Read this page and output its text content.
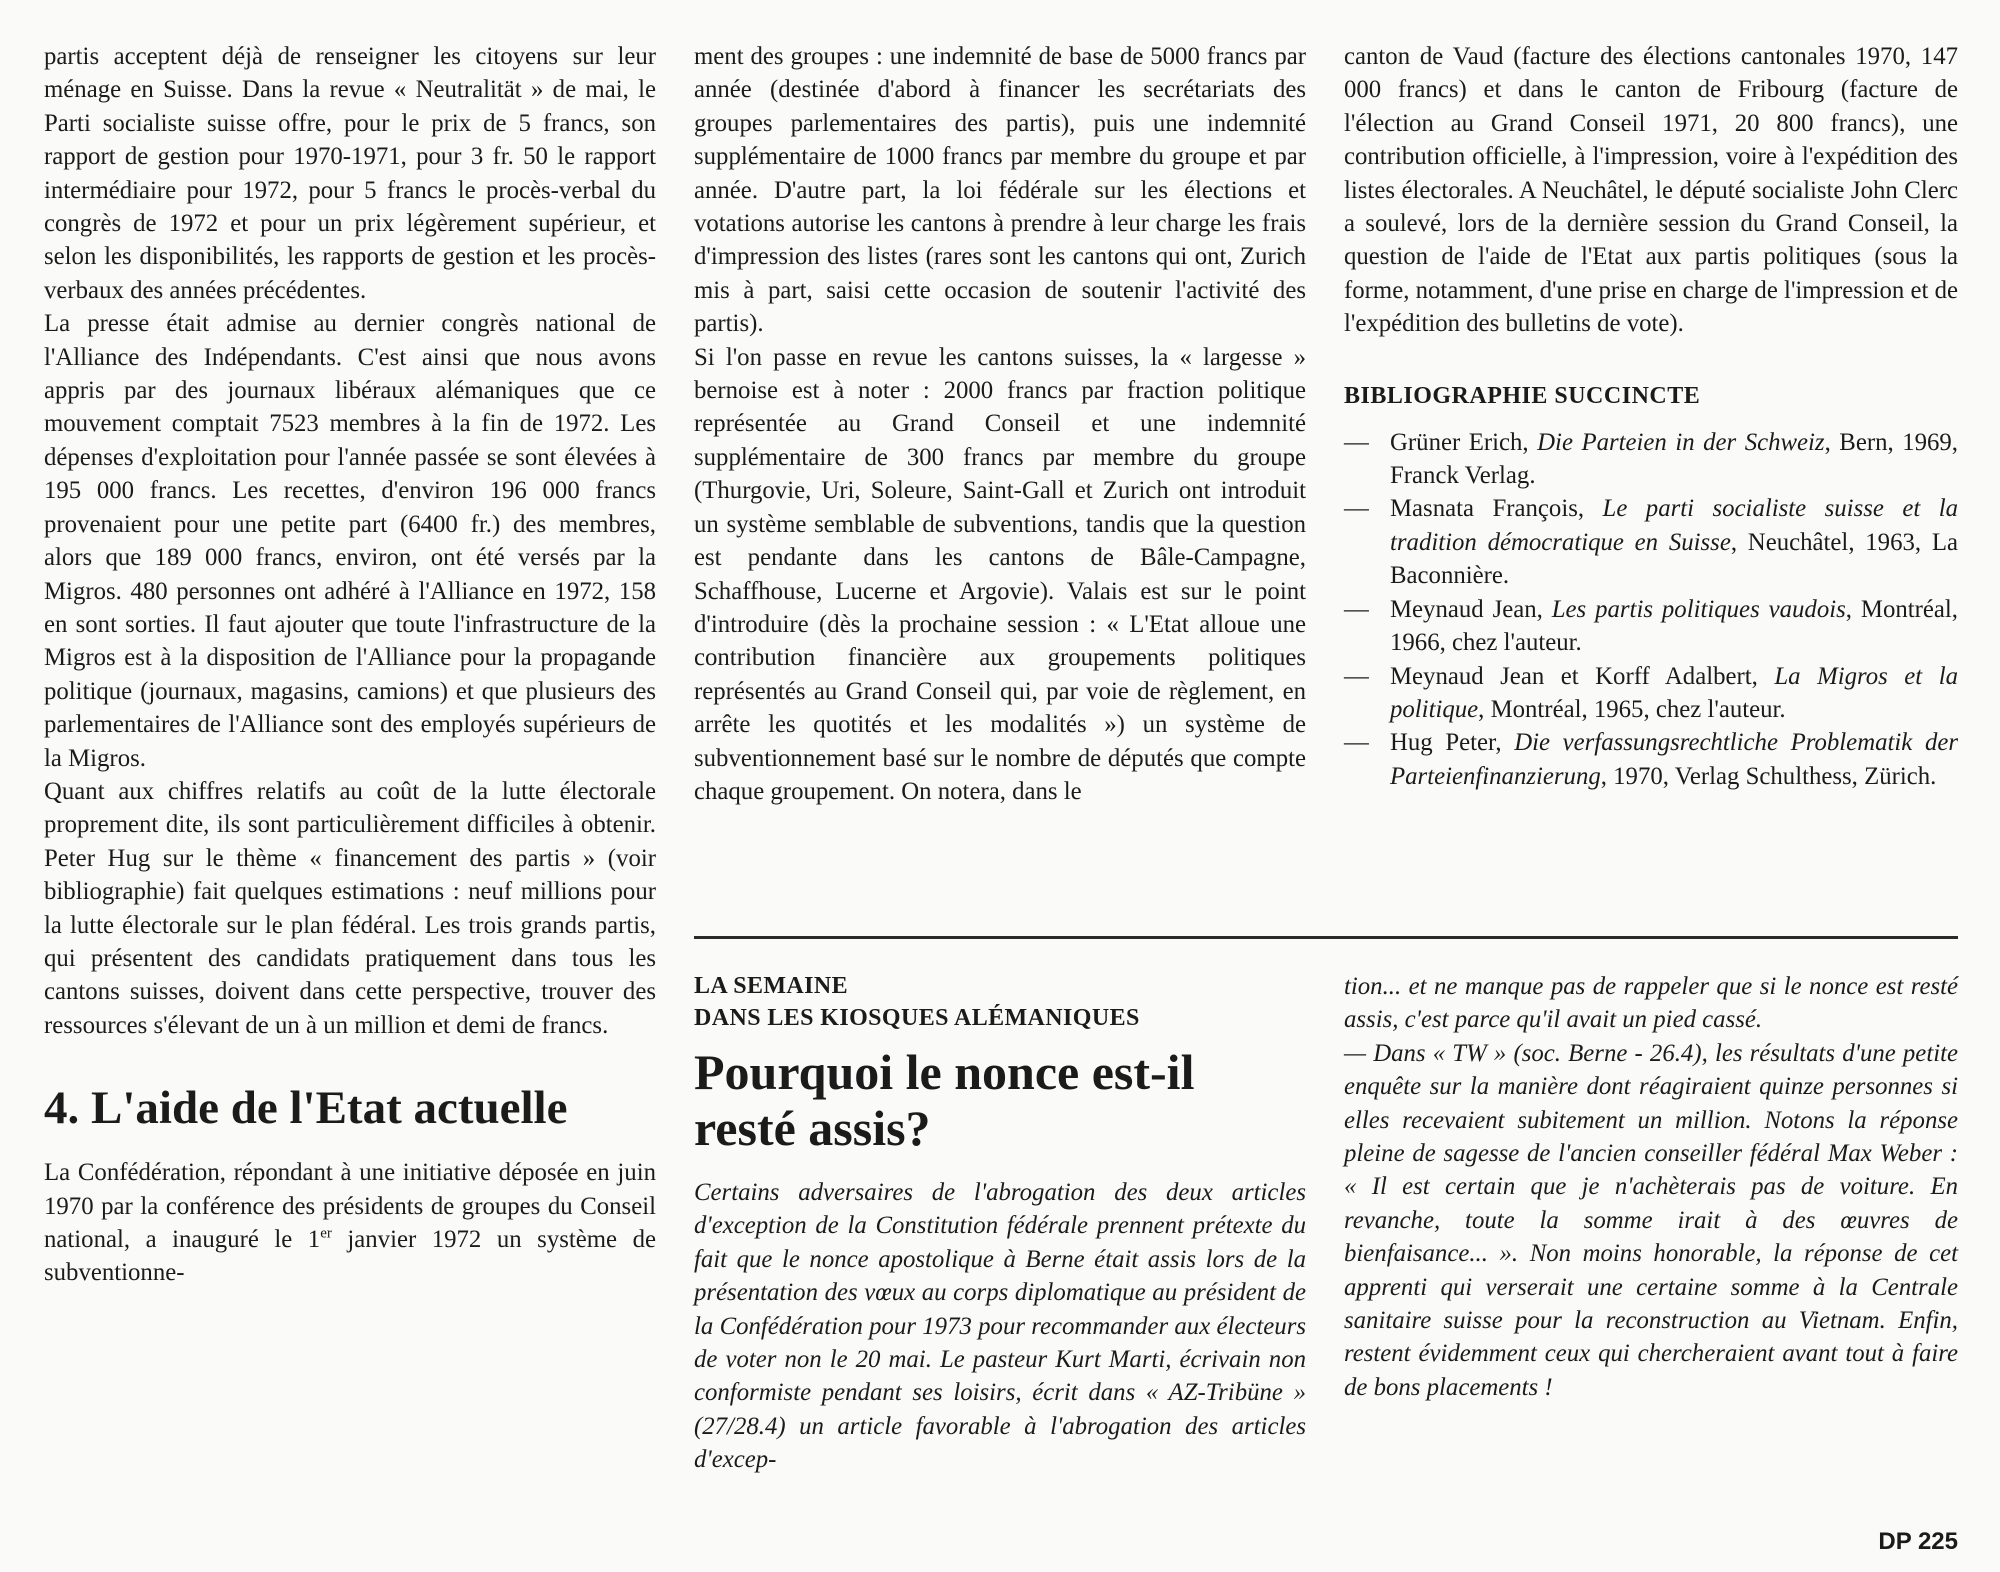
partis acceptent déjà de renseigner les citoyens sur leur ménage en Suisse. Dans la revue « Neutralität » de mai, le Parti socialiste suisse offre, pour le prix de 5 francs, son rapport de gestion pour 1970-1971, pour 3 fr. 50 le rapport intermédiaire pour 1972, pour 5 francs le procès-verbal du congrès de 1972 et pour un prix légèrement supérieur, et selon les disponibilités, les rapports de gestion et les procès-verbaux des années précédentes.

La presse était admise au dernier congrès national de l'Alliance des Indépendants. C'est ainsi que nous avons appris par des journaux libéraux alémaniques que ce mouvement comptait 7523 membres à la fin de 1972. Les dépenses d'exploitation pour l'année passée se sont élevées à 195 000 francs. Les recettes, d'environ 196 000 francs provenaient pour une petite part (6400 fr.) des membres, alors que 189 000 francs, environ, ont été versés par la Migros. 480 personnes ont adhéré à l'Alliance en 1972, 158 en sont sorties. Il faut ajouter que toute l'infrastructure de la Migros est à la disposition de l'Alliance pour la propagande politique (journaux, magasins, camions) et que plusieurs des parlementaires de l'Alliance sont des employés supérieurs de la Migros.

Quant aux chiffres relatifs au coût de la lutte électorale proprement dite, ils sont particulièrement difficiles à obtenir. Peter Hug sur le thème « financement des partis » (voir bibliographie) fait quelques estimations : neuf millions pour la lutte électorale sur le plan fédéral. Les trois grands partis, qui présentent des candidats pratiquement dans tous les cantons suisses, doivent dans cette perspective, trouver des ressources s'élevant de un à un million et demi de francs.

4. L'aide de l'Etat actuelle

La Confédération, répondant à une initiative déposée en juin 1970 par la conférence des présidents de groupes du Conseil national, a inauguré le 1er janvier 1972 un système de subventionne-

ment des groupes : une indemnité de base de 5000 francs par année (destinée d'abord à financer les secrétariats des groupes parlementaires des partis), puis une indemnité supplémentaire de 1000 francs par membre du groupe et par année. D'autre part, la loi fédérale sur les élections et votations autorise les cantons à prendre à leur charge les frais d'impression des listes (rares sont les cantons qui ont, Zurich mis à part, saisi cette occasion de soutenir l'activité des partis).

Si l'on passe en revue les cantons suisses, la « largesse » bernoise est à noter : 2000 francs par fraction politique représentée au Grand Conseil et une indemnité supplémentaire de 300 francs par membre du groupe (Thurgovie, Uri, Soleure, Saint-Gall et Zurich ont introduit un système semblable de subventions, tandis que la question est pendante dans les cantons de Bâle-Campagne, Schaffhouse, Lucerne et Argovie). Valais est sur le point d'introduire (dès la prochaine session : « L'Etat alloue une contribution financière aux groupements politiques représentés au Grand Conseil qui, par voie de règlement, en arrête les quotités et les modalités ») un système de subventionnement basé sur le nombre de députés que compte chaque groupement. On notera, dans le

canton de Vaud (facture des élections cantonales 1970, 147 000 francs) et dans le canton de Fribourg (facture de l'élection au Grand Conseil 1971, 20 800 francs), une contribution officielle, à l'impression, voire à l'expédition des listes électorales. A Neuchâtel, le député socialiste John Clerc a soulevé, lors de la dernière session du Grand Conseil, la question de l'aide de l'Etat aux partis politiques (sous la forme, notamment, d'une prise en charge de l'impression et de l'expédition des bulletins de vote).

BIBLIOGRAPHIE SUCCINCTE
— Grüner Erich, Die Parteien in der Schweiz, Bern, 1969, Franck Verlag.
— Masnata François, Le parti socialiste suisse et la tradition démocratique en Suisse, Neuchâtel, 1963, La Baconnière.
— Meynaud Jean, Les partis politiques vaudois, Montréal, 1966, chez l'auteur.
— Meynaud Jean et Korff Adalbert, La Migros et la politique, Montréal, 1965, chez l'auteur.
— Hug Peter, Die verfassungsrechtliche Problematik der Parteienfinanzierung, 1970, Verlag Schulthess, Zürich.
LA SEMAINE
DANS LES KIOSQUES ALÉMANIQUES
Pourquoi le nonce est-il
resté assis?

Certains adversaires de l'abrogation des deux articles d'exception de la Constitution fédérale prennent prétexte du fait que le nonce apostolique à Berne était assis lors de la présentation des vœux au corps diplomatique au président de la Confédération pour 1973 pour recommander aux électeurs de voter non le 20 mai. Le pasteur Kurt Marti, écrivain non conformiste pendant ses loisirs, écrit dans « AZ-Tribüne » (27/28.4) un article favorable à l'abrogation des articles d'excep-

tion... et ne manque pas de rappeler que si le nonce est resté assis, c'est parce qu'il avait un pied cassé.

— Dans « TW » (soc. Berne - 26.4), les résultats d'une petite enquête sur la manière dont réagiraient quinze personnes si elles recevaient subitement un million. Notons la réponse pleine de sagesse de l'ancien conseiller fédéral Max Weber : « Il est certain que je n'achèterais pas de voiture. En revanche, toute la somme irait à des œuvres de bienfaisance... ». Non moins honorable, la réponse de cet apprenti qui verserait une certaine somme à la Centrale sanitaire suisse pour la reconstruction au Vietnam. Enfin, restent évidemment ceux qui chercheraient avant tout à faire de bons placements !

DP 225
